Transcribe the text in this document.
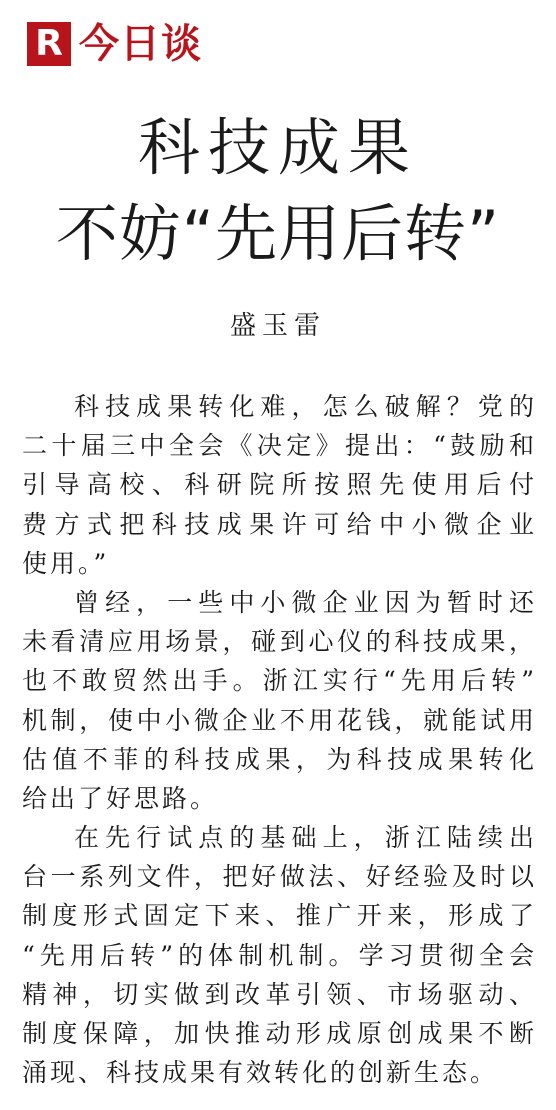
R 今日谈
科技成果
不妨“先用后转”
盛玉雷
科技成果转化难，怎么破解？党的
二十届三中全会《决定》提出：“鼓励和
引导高校、科研院所按照先使用后付
费方式把科技成果许可给中小微企业
使用。”
曾经，一些中小微企业因为暂时还
未看清应用场景，碰到心仪的科技成果，
也不敢贸然出手。浙江实行“先用后转”
机制，使中小微企业不用花钱，就能试用
估值不菲的科技成果，为科技成果转化
给出了好思路。
在先行试点的基础上，浙江陆续出
台一系列文件，把好做法、好经验及时以
制度形式固定下来、推广开来，形成了
“先用后转”的体制机制。学习贯彻全会
精神，切实做到改革引领、市场驱动、
制度保障，加快推动形成原创成果不断
涌现、科技成果有效转化的创新生态。
